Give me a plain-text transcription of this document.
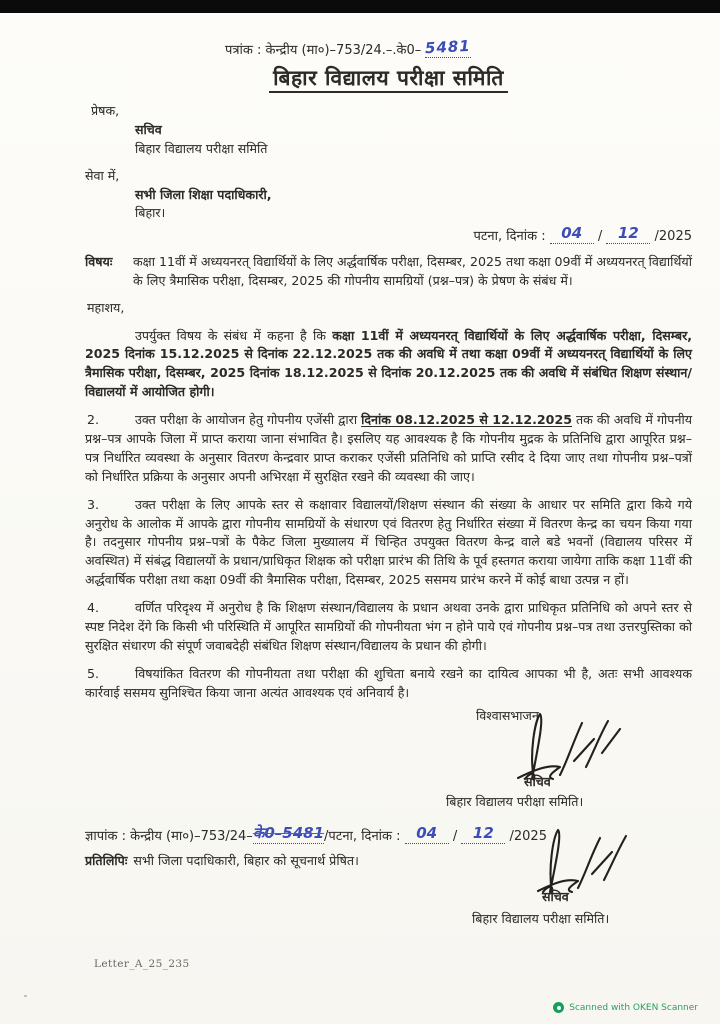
पत्रांक : केन्द्रीय (मा०)–753/24.–.के0– 5481
बिहार विद्यालय परीक्षा समिति
प्रेषक,
सचिव
बिहार विद्यालय परीक्षा समिति
सेवा में,
सभी जिला शिक्षा पदाधिकारी,
बिहार।
पटना, दिनांक : 04 / 12 /2025
विषयः	कक्षा 11वीं में अध्ययनरत् विद्यार्थियों के लिए अर्द्धवार्षिक परीक्षा, दिसम्बर, 2025 तथा कक्षा 09वीं में अध्ययनरत् विद्यार्थियों के लिए त्रैमासिक परीक्षा, दिसम्बर, 2025 की गोपनीय सामग्रियों (प्रश्न–पत्र) के प्रेषण के संबंध में।
महाशय,
उपर्युक्त विषय के संबंध में कहना है कि कक्षा 11वीं में अध्ययनरत् विद्यार्थियों के लिए अर्द्धवार्षिक परीक्षा, दिसम्बर, 2025 दिनांक 15.12.2025 से दिनांक 22.12.2025 तक की अवधि में तथा कक्षा 09वीं में अध्ययनरत् विद्यार्थियों के लिए त्रैमासिक परीक्षा, दिसम्बर, 2025 दिनांक 18.12.2025 से दिनांक 20.12.2025 तक की अवधि में संबंधित शिक्षण संस्थान/विद्यालयों में आयोजित होगी।
2.	उक्त परीक्षा के आयोजन हेतु गोपनीय एजेंसी द्वारा दिनांक 08.12.2025 से 12.12.2025 तक की अवधि में गोपनीय प्रश्न–पत्र आपके जिला में प्राप्त कराया जाना संभावित है। इसलिए यह आवश्यक है कि गोपनीय मुद्रक के प्रतिनिधि द्वारा आपूरित प्रश्न–पत्र निर्धारित व्यवस्था के अनुसार वितरण केन्द्रवार प्राप्त कराकर एजेंसी प्रतिनिधि को प्राप्ति रसीद दे दिया जाए तथा गोपनीय प्रश्न–पत्रों को निर्धारित प्रक्रिया के अनुसार अपनी अभिरक्षा में सुरक्षित रखने की व्यवस्था की जाए।
3.	उक्त परीक्षा के लिए आपके स्तर से कक्षावार विद्यालयों/शिक्षण संस्थान की संख्या के आधार पर समिति द्वारा किये गये अनुरोध के आलोक में आपके द्वारा गोपनीय सामग्रियों के संधारण एवं वितरण हेतु निर्धारित संख्या में वितरण केन्द्र का चयन किया गया है। तदनुसार गोपनीय प्रश्न–पत्रों के पैकेट जिला मुख्यालय में चिन्हित उपयुक्त वितरण केन्द्र वाले बडे भवनों (विद्यालय परिसर में अवस्थित) में संबंद्ध विद्यालयों के प्रधान/प्राधिकृत शिक्षक को परीक्षा प्रारंभ की तिथि के पूर्व हस्तगत कराया जायेगा ताकि कक्षा 11वीं की अर्द्धवार्षिक परीक्षा तथा कक्षा 09वीं की त्रैमासिक परीक्षा, दिसम्बर, 2025 ससमय प्रारंभ करने में कोई बाधा उत्पन्न न हों।
4.	वर्णित परिदृश्य में अनुरोध है कि शिक्षण संस्थान/विद्यालय के प्रधान अथवा उनके द्वारा प्राधिकृत प्रतिनिधि को अपने स्तर से स्पष्ट निदेश देंगे कि किसी भी परिस्थिति में आपूरित सामग्रियों की गोपनीयता भंग न होने पाये एवं गोपनीय प्रश्न–पत्र तथा उत्तरपुस्तिका को सुरक्षित संधारण की संपूर्ण जवाबदेही संबंधित शिक्षण संस्थान/विद्यालय के प्रधान की होगी।
5.	विषयांकित वितरण की गोपनीयता तथा परीक्षा की शुचिता बनाये रखने का दायित्व आपका भी है, अतः सभी आवश्यक कार्रवाई ससमय सुनिश्चित किया जाना अत्यंत आवश्यक एवं अनिवार्य है।
विश्वासभाजन
सचिव
बिहार विद्यालय परीक्षा समिति।
ज्ञापांक : केन्द्रीय (मा०)–753/24–के0–5481/पटना, दिनांक : 04 / 12 /2025
प्रतिलिपिः सभी जिला पदाधिकारी, बिहार को सूचनार्थ प्रेषित।
सचिव
बिहार विद्यालय परीक्षा समिति।
Letter_A_25_235
Scanned with OKEN Scanner
